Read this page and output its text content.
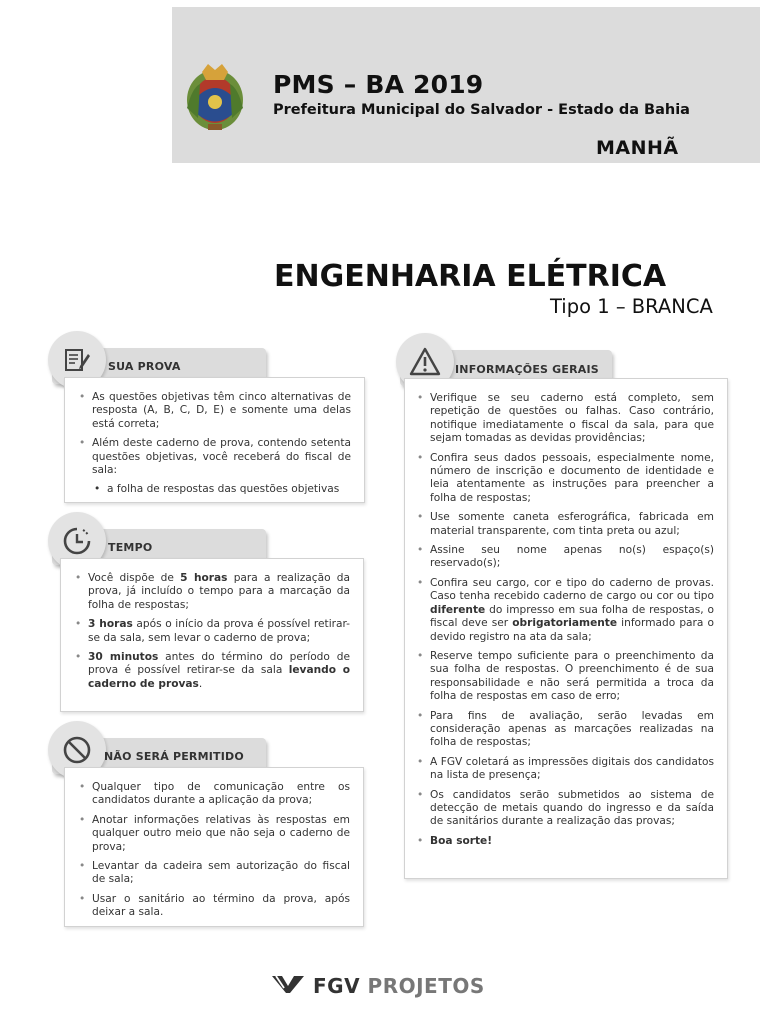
PMS – BA 2019
Prefeitura Municipal do Salvador - Estado da Bahia
MANHÃ
ENGENHARIA ELÉTRICA
Tipo 1 – BRANCA
SUA PROVA
• As questões objetivas têm cinco alternativas de resposta (A, B, C, D, E) e somente uma delas está correta;
• Além deste caderno de prova, contendo setenta questões objetivas, você receberá do fiscal de sala:
• a folha de respostas das questões objetivas
TEMPO
• Você dispõe de 5 horas para a realização da prova, já incluído o tempo para a marcação da folha de respostas;
• 3 horas após o início da prova é possível retirar-se da sala, sem levar o caderno de prova;
• 30 minutos antes do término do período de prova é possível retirar-se da sala levando o caderno de provas.
NÃO SERÁ PERMITIDO
• Qualquer tipo de comunicação entre os candidatos durante a aplicação da prova;
• Anotar informações relativas às respostas em qualquer outro meio que não seja o caderno de prova;
• Levantar da cadeira sem autorização do fiscal de sala;
• Usar o sanitário ao término da prova, após deixar a sala.
INFORMAÇÕES GERAIS
• Verifique se seu caderno está completo, sem repetição de questões ou falhas. Caso contrário, notifique imediatamente o fiscal da sala, para que sejam tomadas as devidas providências;
• Confira seus dados pessoais, especialmente nome, número de inscrição e documento de identidade e leia atentamente as instruções para preencher a folha de respostas;
• Use somente caneta esferográfica, fabricada em material transparente, com tinta preta ou azul;
• Assine seu nome apenas no(s) espaço(s) reservado(s);
• Confira seu cargo, cor e tipo do caderno de provas. Caso tenha recebido caderno de cargo ou cor ou tipo diferente do impresso em sua folha de respostas, o fiscal deve ser obrigatoriamente informado para o devido registro na ata da sala;
• Reserve tempo suficiente para o preenchimento da sua folha de respostas. O preenchimento é de sua responsabilidade e não será permitida a troca da folha de respostas em caso de erro;
• Para fins de avaliação, serão levadas em consideração apenas as marcações realizadas na folha de respostas;
• A FGV coletará as impressões digitais dos candidatos na lista de presença;
• Os candidatos serão submetidos ao sistema de detecção de metais quando do ingresso e da saída de sanitários durante a realização das provas;
• Boa sorte!
FGV PROJETOS
